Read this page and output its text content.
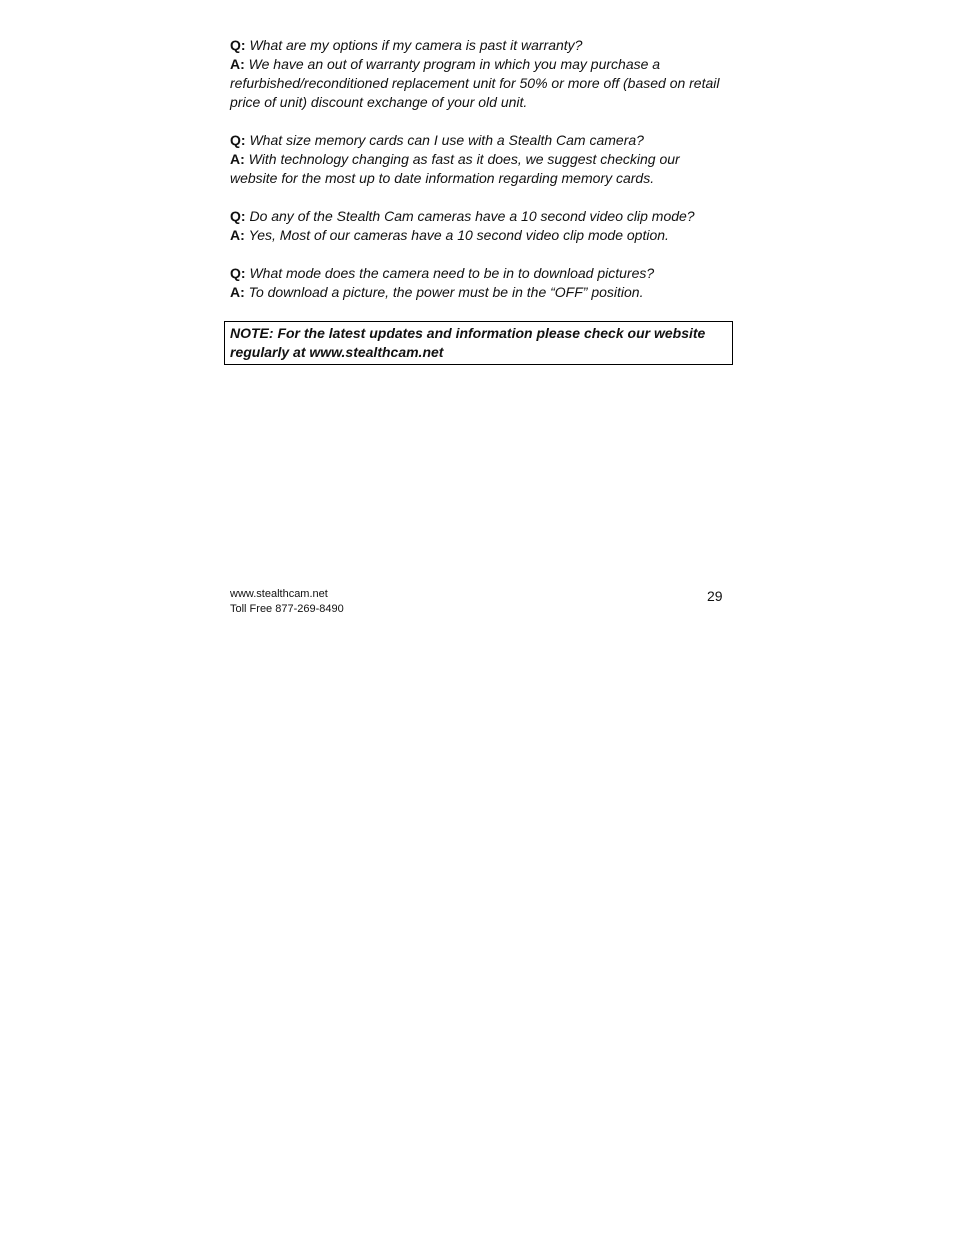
Q: What are my options if my camera is past it warranty?

A: We have an out of warranty program in which you may purchase a refurbished/reconditioned replacement unit for 50% or more off (based on retail price of unit) discount exchange of your old unit.

Q: What size memory cards can I use with a Stealth Cam camera?

A: With technology changing as fast as it does, we suggest checking our website for the most up to date information regarding memory cards.

Q: Do any of the Stealth Cam cameras have a 10 second video clip mode?

A: Yes, Most of our cameras have a 10 second video clip mode option.

Q: What mode does the camera need to be in to download pictures?

A: To download a picture, the power must be in the “OFF” position.

NOTE: For the latest updates and information please check our website regularly at www.stealthcam.net
www.stealthcam.net
Toll Free 877-269-8490
29
